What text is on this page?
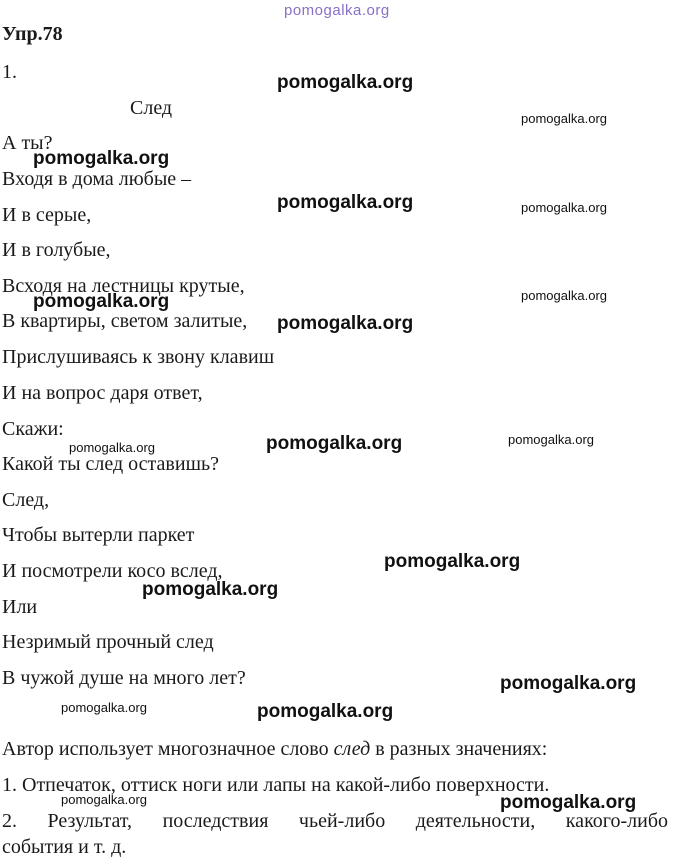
pomogalka.org
Упр.78
1.
След
А ты?
Входя в дома любые –
И в серые,
И в голубые,
Всходя на лестницы крутые,
В квартиры, светом залитые,
Прислушиваясь к звону клавиш
И на вопрос даря ответ,
Скажи:
Какой ты след оставишь?
След,
Чтобы вытерли паркет
И посмотрели косо вслед,
Или
Незримый прочный след
В чужой душе на много лет?
Автор использует многозначное слово след в разных значениях:
1. Отпечаток, оттиск ноги или лапы на какой-либо поверхности.
2. Результат, последствия чьей-либо деятельности, какого-либо
события и т. д.
pomogalka.org
pomogalka.org
pomogalka.org
pomogalka.org	pomogalka.org
pomogalka.org
pomogalka.org
pomogalka.org
pomogalka.org	pomogalka.org
pomogalka.org
pomogalka.org
pomogalka.org
pomogalka.org
pomogalka.org	pomogalka.org
pomogalka.org	pomogalka.org
